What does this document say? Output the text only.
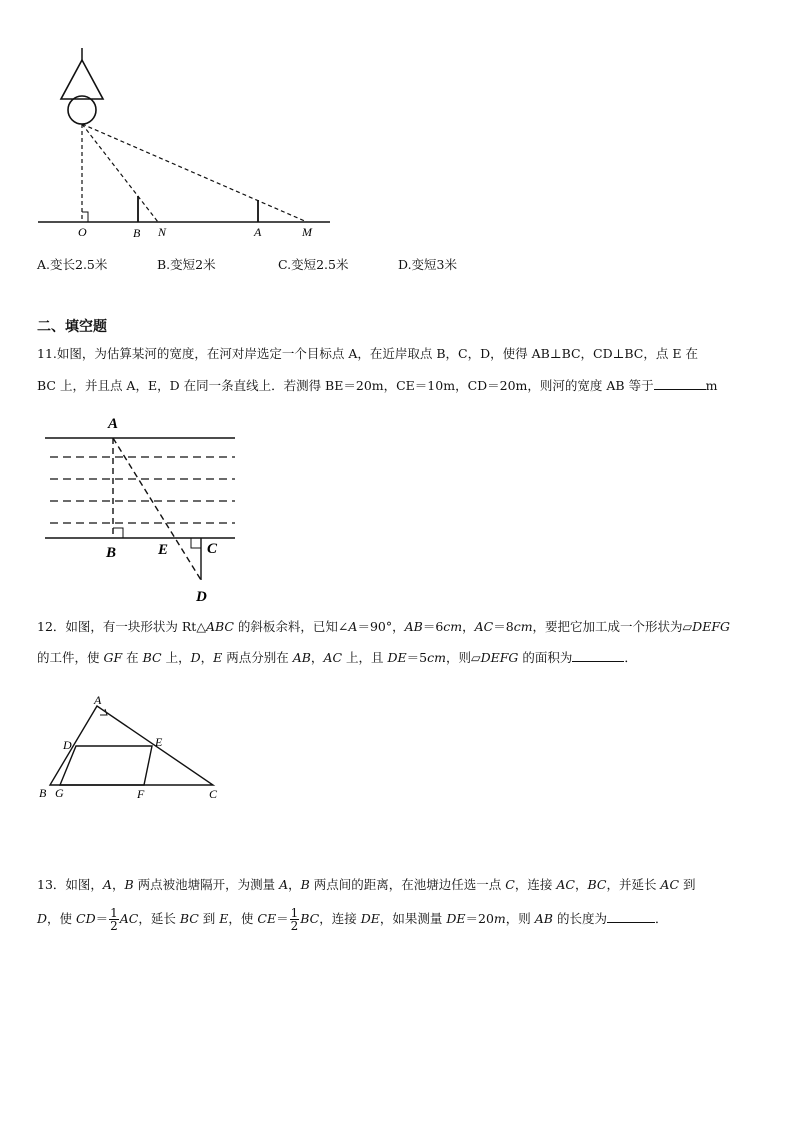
O	B N	A	M
A.变长2.5米	B.变短2米	C.变短2.5米	D.变短3米
二、填空题
11.如图，为估算某河的宽度，在河对岸选定一个目标点 A，在近岸取点 B，C，D，使得 AB⊥BC，CD⊥BC，点 E 在
BC 上，并且点 A，E，D 在同一条直线上．若测得 BE＝20m，CE＝10m，CD＝20m，则河的宽度 AB 等于	m
A
B	E	C
D
12．如图，有一块形状为 Rt△ABC 的斜板余料，已知∠A＝90°，AB＝6cm，AC＝8cm，要把它加工成一个形状为▱DEFG
的工件，使 GF 在 BC 上，D，E 两点分别在 AB，AC 上，且 DE＝5cm，则▱DEFG 的面积为	．
A
D	E
B G	F	C
13．如图，A，B 两点被池塘隔开，为测量 A，B 两点间的距离，在池塘边任选一点 C，连接 AC，BC，并延长 AC 到
D，使 $CD= \frac{1}{2}$ AC，延长 BC 到 E，使 $CE= \frac{1}{2}$ BC，连接 DE，如果测量 DE＝20m，则 AB 的长度为	．
